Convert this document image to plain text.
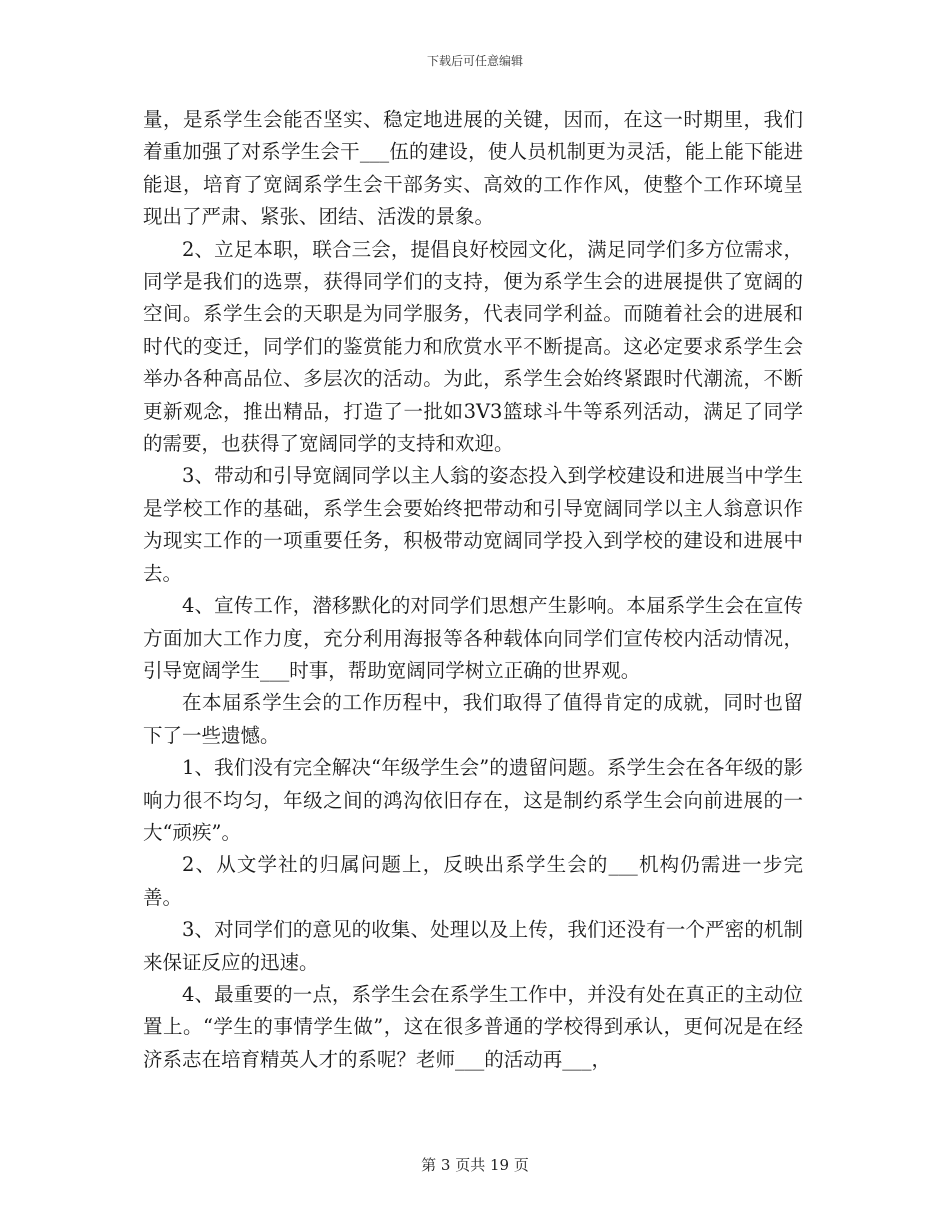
下载后可任意编辑

量，是系学生会能否坚实、稳定地进展的关键，因而，在这一时期里，我们着重加强了对系学生会干___伍的建设，使人员机制更为灵活，能上能下能进能退，培育了宽阔系学生会干部务实、高效的工作作风，使整个工作环境呈现出了严肃、紧张、团结、活泼的景象。

2、立足本职，联合三会，提倡良好校园文化，满足同学们多方位需求，同学是我们的选票，获得同学们的支持，便为系学生会的进展提供了宽阔的空间。系学生会的天职是为同学服务，代表同学利益。而随着社会的进展和时代的变迁，同学们的鉴赏能力和欣赏水平不断提高。这必定要求系学生会举办各种高品位、多层次的活动。为此，系学生会始终紧跟时代潮流，不断更新观念，推出精品，打造了一批如3V3篮球斗牛等系列活动，满足了同学的需要，也获得了宽阔同学的支持和欢迎。

3、带动和引导宽阔同学以主人翁的姿态投入到学校建设和进展当中学生是学校工作的基础，系学生会要始终把带动和引导宽阔同学以主人翁意识作为现实工作的一项重要任务，积极带动宽阔同学投入到学校的建设和进展中去。

4、宣传工作，潜移默化的对同学们思想产生影响。本届系学生会在宣传方面加大工作力度，充分利用海报等各种载体向同学们宣传校内活动情况，引导宽阔学生___时事，帮助宽阔同学树立正确的世界观。

在本届系学生会的工作历程中，我们取得了值得肯定的成就，同时也留下了一些遗憾。

1、我们没有完全解决“年级学生会”的遗留问题。系学生会在各年级的影响力很不均匀，年级之间的鸿沟依旧存在，这是制约系学生会向前进展的一大“顽疾”。

2、从文学社的归属问题上，反映出系学生会的___机构仍需进一步完善。

3、对同学们的意见的收集、处理以及上传，我们还没有一个严密的机制来保证反应的迅速。

4、最重要的一点，系学生会在系学生工作中，并没有处在真正的主动位置上。“学生的事情学生做”，这在很多普通的学校得到承认，更何况是在经济系志在培育精英人才的系呢？老师___的活动再___，

第 3 页共 19 页
